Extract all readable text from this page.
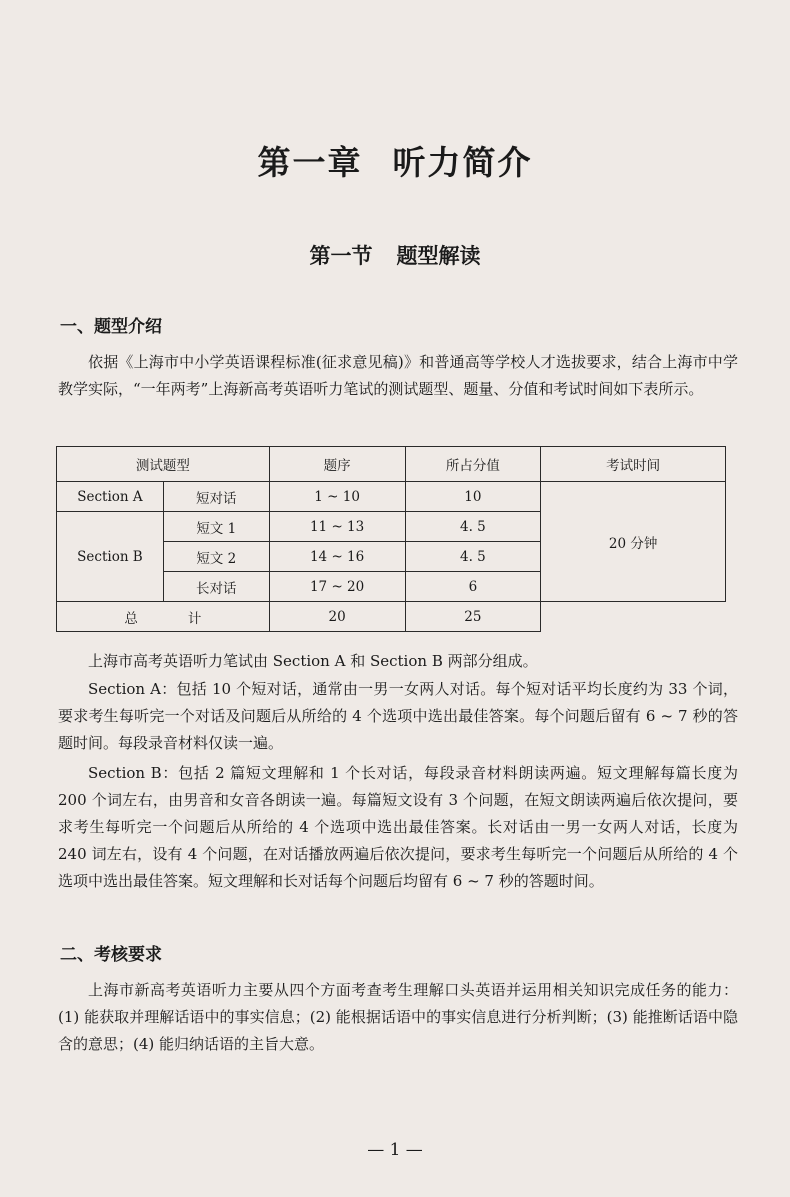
第一章 听力简介
第一节 题型解读
一、题型介绍

依据《上海市中小学英语课程标准(征求意见稿)》和普通高等学校人才选拔要求，结合上海市中学教学实际，“一年两考”上海新高考英语听力笔试的测试题型、题量、分值和考试时间如下表所示。

测试题型		题序	所占分值	考试时间
Section A	短对话	1 ~ 10	10	20 分钟
Section B	短文 1	11 ~ 13	4. 5	
	短文 2	14 ~ 16	4. 5	
	长对话	17 ~ 20	6	
总 计		20	25	

上海市高考英语听力笔试由 Section A 和 Section B 两部分组成。

Section A：包括 10 个短对话，通常由一男一女两人对话。每个短对话平均长度约为 33 个词，要求考生每听完一个对话及问题后从所给的 4 个选项中选出最佳答案。每个问题后留有 6 ~ 7 秒的答题时间。每段录音材料仅读一遍。

Section B：包括 2 篇短文理解和 1 个长对话，每段录音材料朗读两遍。短文理解每篇长度为 200 个词左右，由男音和女音各朗读一遍。每篇短文设有 3 个问题，在短文朗读两遍后依次提问，要求考生每听完一个问题后从所给的 4 个选项中选出最佳答案。长对话由一男一女两人对话，长度为 240 词左右，设有 4 个问题，在对话播放两遍后依次提问，要求考生每听完一个问题后从所给的 4 个选项中选出最佳答案。短文理解和长对话每个问题后均留有 6 ~ 7 秒的答题时间。

二、考核要求

上海市新高考英语听力主要从四个方面考查考生理解口头英语并运用相关知识完成任务的能力：(1) 能获取并理解话语中的事实信息；(2) 能根据话语中的事实信息进行分析判断；(3) 能推断话语中隐含的意思；(4) 能归纳话语的主旨大意。

— 1 —
